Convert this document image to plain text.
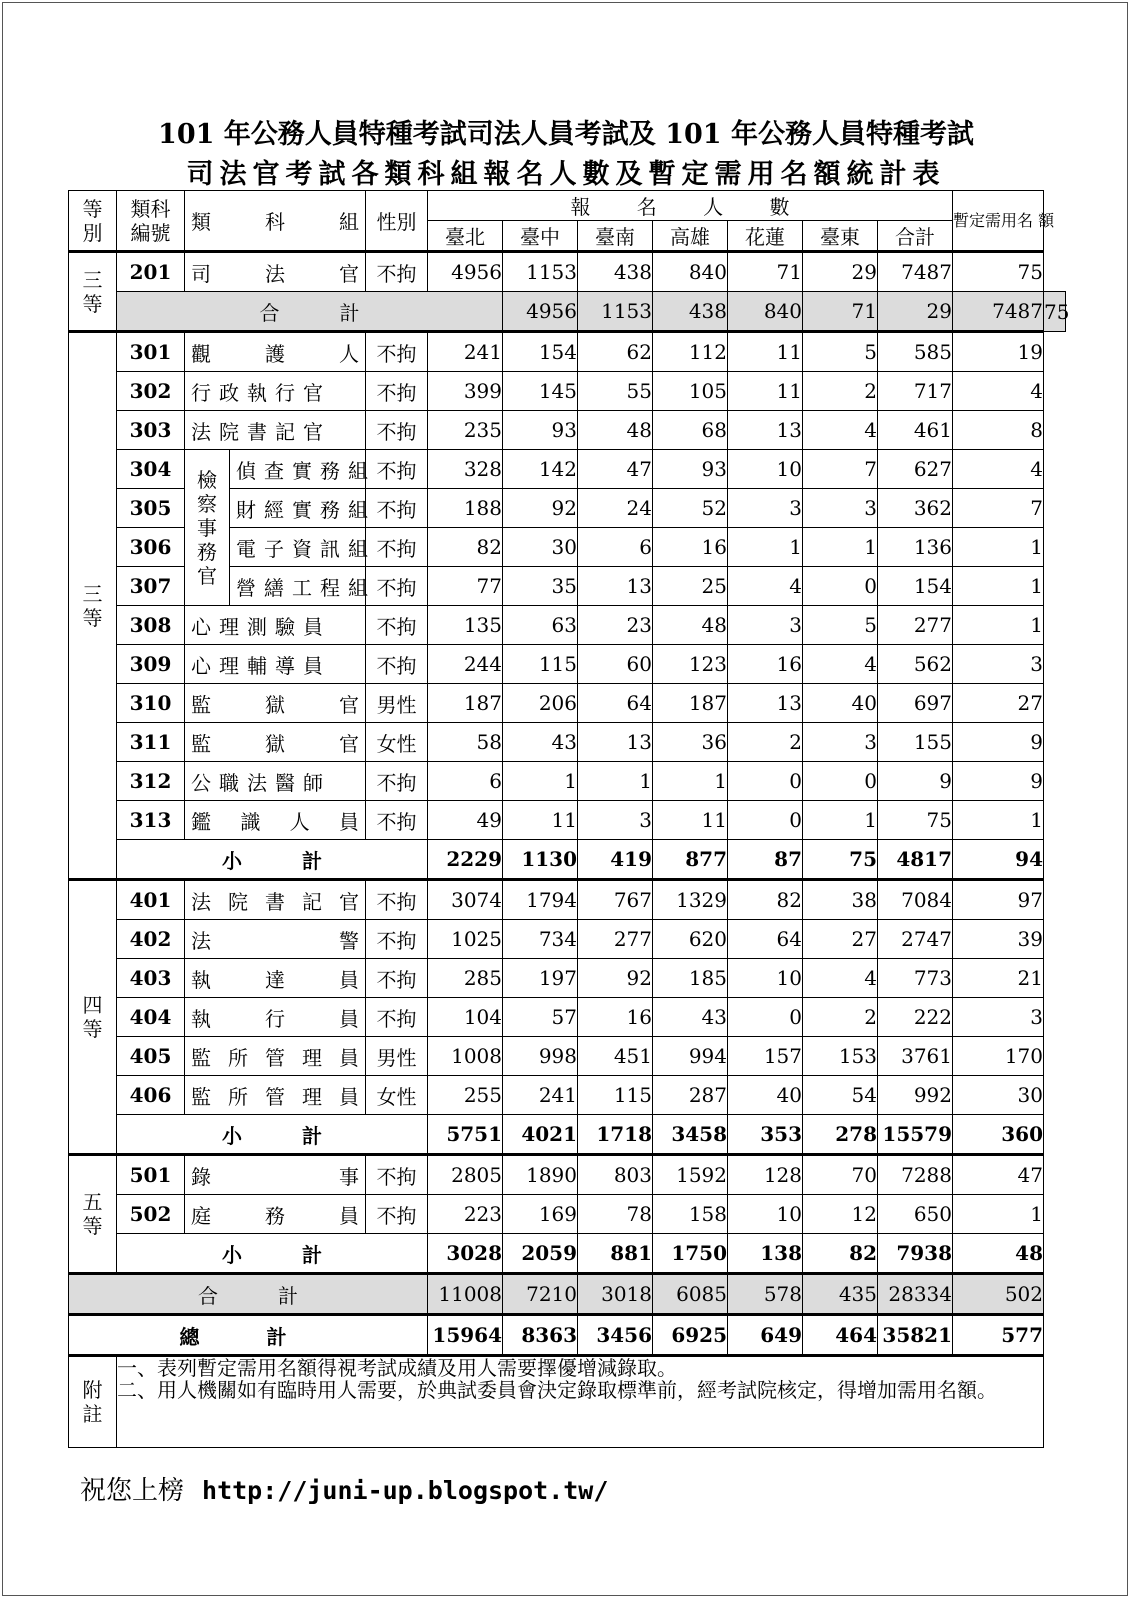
101 年公務人員特種考試司法人員考試及 101 年公務人員特種考試
司法官考試各類科組報名人數及暫定需用名額統計表
等別	類科編號	類 科 組		性別	報 名 人 數							暫定需用名 額	

					臺北	臺中	臺南	高雄	花蓮	臺東	合計		
三等	201	司 法 官		不拘	4956	1153	438	840	71	29	7487	75	

	合 計					4956	1153	438	840	71	29	7487	75
三等	301	觀 護 人		不拘	241	154	62	112	11	5	585	19	
	302	行政執行官		不拘	399	145	55	105	11	2	717	4	
	303	法院書記官		不拘	235	93	48	68	13	4	461	8	
	304	檢察事務官	偵查實務組	不拘	328	142	47	93	10	7	627	4	
	305		財經實務組	不拘	188	92	24	52	3	3	362	7	
	306		電子資訊組	不拘	82	30	6	16	1	1	136	1	
	307		營繕工程組	不拘	77	35	13	25	4	0	154	1	
	308	心理測驗員		不拘	135	63	23	48	3	5	277	1	
	309	心理輔導員		不拘	244	115	60	123	16	4	562	3	
	310	監 獄 官		男性	187	206	64	187	13	40	697	27	
	311	監 獄 官		女性	58	43	13	36	2	3	155	9	
	312	公職法醫師		不拘	6	1	1	1	0	0	9	9	
	313	鑑 識 人 員		不拘	49	11	3	11	0	1	75	1	

	小 計				2229	1130	419	877	87	75	4817	94	
四等	401	法 院 書 記 官		不拘	3074	1794	767	1329	82	38	7084	97	
	402	法 警		不拘	1025	734	277	620	64	27	2747	39	
	403	執 達 員		不拘	285	197	92	185	10	4	773	21	
	404	執 行 員		不拘	104	57	16	43	0	2	222	3	
	405	監 所 管 理 員		男性	1008	998	451	994	157	153	3761	170	
	406	監 所 管 理 員		女性	255	241	115	287	40	54	992	30	

	小 計				5751	4021	1718	3458	353	278	15579	360	
五等	501	錄 事		不拘	2805	1890	803	1592	128	70	7288	47	
	502	庭 務 員		不拘	223	169	78	158	10	12	650	1	

	小 計				3028	2059	881	1750	138	82	7938	48	

合 計					11008	7210	3018	6085	578	435	28334	502	
總 計					15964	8363	3456	6925	649	464	35821	577	
附註	一、表列暫定需用名額得視考試成績及用人需要擇優增減錄取。
二、用人機關如有臨時用人需要，於典試委員會決定錄取標準前，經考試院核定，得增加需用名額。												
祝您上榜 http://juni-up.blogspot.tw/
